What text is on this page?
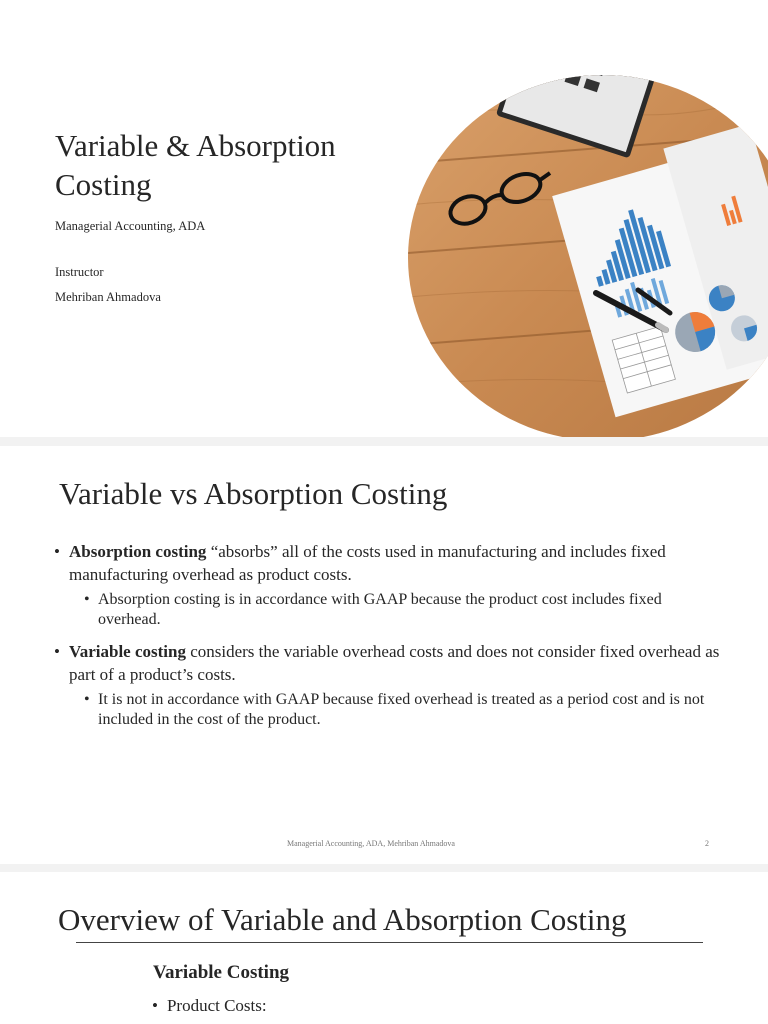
Variable & Absorption
Costing
Managerial Accounting, ADA
Instructor
Mehriban Ahmadova
Variable vs Absorption Costing
• Absorption costing “absorbs” all of the costs used in manufacturing and includes fixed manufacturing overhead as product costs.
• Absorption costing is in accordance with GAAP because the product cost includes fixed overhead.
• Variable costing considers the variable overhead costs and does not consider fixed overhead as part of a product’s costs.
• It is not in accordance with GAAP because fixed overhead is treated as a period cost and is not included in the cost of the product.
Managerial Accounting, ADA, Mehriban Ahmadova	2
Overview of Variable and Absorption Costing
Variable Costing
• Product Costs:
